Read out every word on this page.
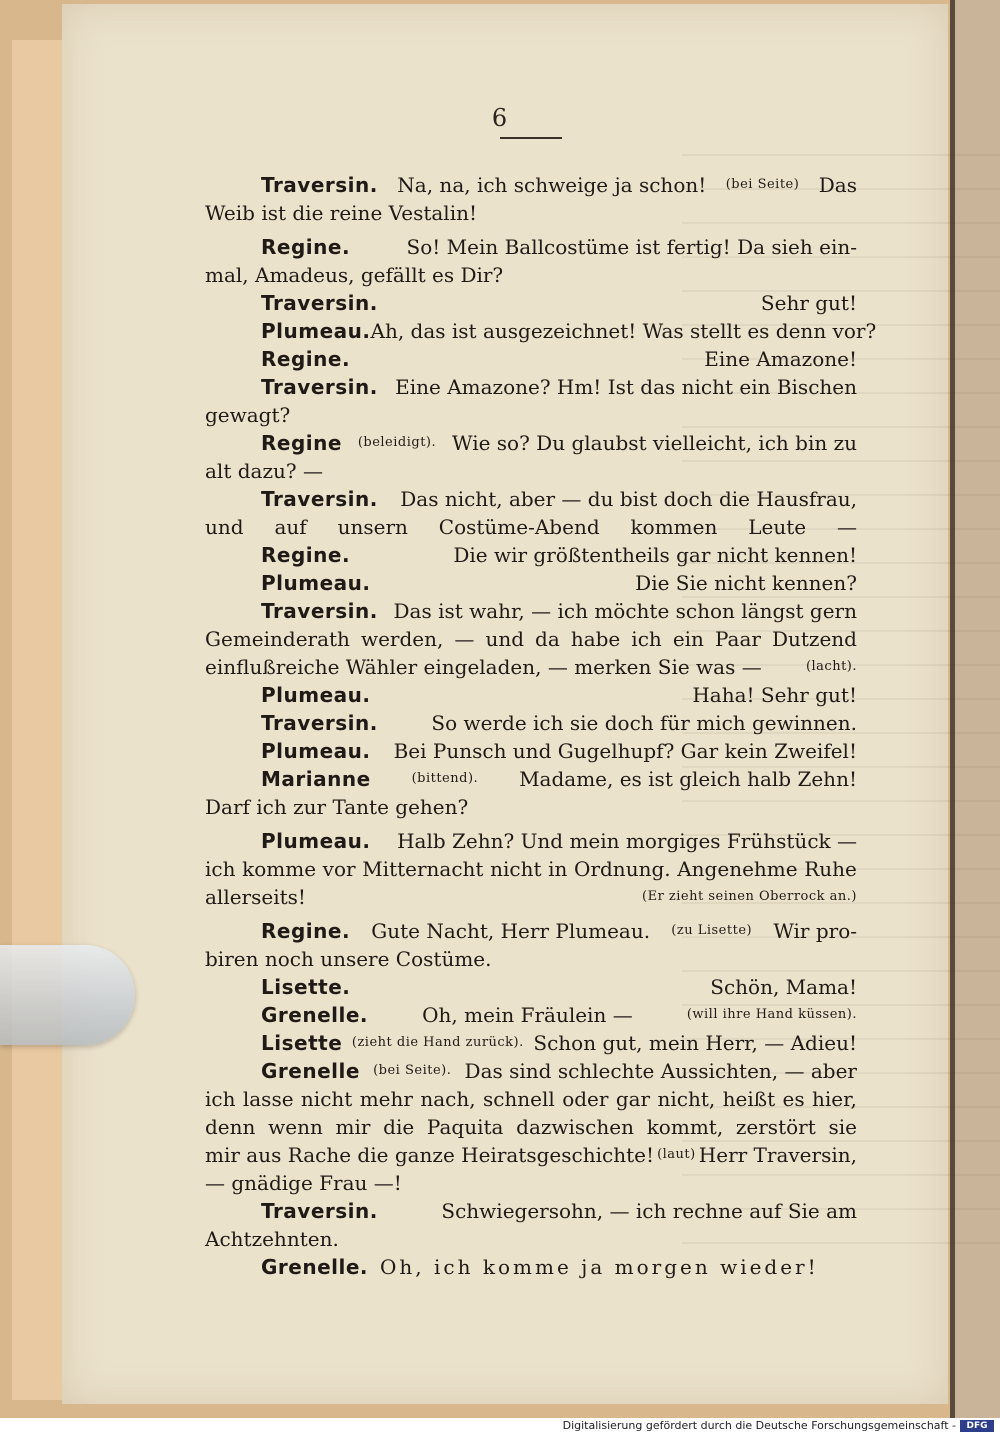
6
Traversin. Na, na, ich schweige ja schon! (bei Seite) Das
Weib ist die reine Vestalin!
Regine.	So! Mein Ballcostüme ist fertig! Da sieh ein-
mal, Amadeus, gefällt es Dir?
Traversin.	Sehr gut!
Plumeau. Ah, das ist ausgezeichnet! Was stellt es denn vor?
Regine.	Eine Amazone!
Traversin. Eine Amazone? Hm! Ist das nicht ein Bischen
gewagt?
Regine (beleidigt). Wie so? Du glaubst vielleicht, ich bin zu
alt dazu? —
Traversin. Das nicht, aber — du bist doch die Hausfrau,
und auf unsern Costüme-Abend kommen Leute —
Regine.	Die wir größtentheils gar nicht kennen!
Plumeau.	Die Sie nicht kennen?
Traversin. Das ist wahr, — ich möchte schon längst gern
Gemeinderath werden, — und da habe ich ein Paar Dutzend
einflußreiche Wähler eingeladen, — merken Sie was —	(lacht).
Plumeau.	Haha! Sehr gut!
Traversin.	So werde ich sie doch für mich gewinnen.
Plumeau. Bei Punsch und Gugelhupf? Gar kein Zweifel!
Marianne	(bittend). Madame, es ist gleich halb Zehn!
Darf ich zur Tante gehen?
Plumeau. Halb Zehn? Und mein morgiges Frühstück —
ich komme vor Mitternacht nicht in Ordnung. Angenehme Ruhe
allerseits!	(Er zieht seinen Oberrock an.)
Regine. Gute Nacht, Herr Plumeau. (zu Lisette) Wir pro-
biren noch unsere Costüme.
Lisette.	Schön, Mama!
Grenelle.	Oh, mein Fräulein —	(will ihre Hand küssen).
Lisette (zieht die Hand zurück). Schon gut, mein Herr, — Adieu!
Grenelle (bei Seite). Das sind schlechte Aussichten, — aber
ich lasse nicht mehr nach, schnell oder gar nicht, heißt es hier,
denn wenn mir die Paquita dazwischen kommt, zerstört sie
mir aus Rache die ganze Heiratsgeschichte! (laut) Herr Traversin,
— gnädige Frau —!
Traversin.	Schwiegersohn, — ich rechne auf Sie am
Achtzehnten.
Grenelle. Oh, ich komme ja morgen wieder!
Digitalisierung gefördert durch die Deutsche Forschungsgemeinschaft -	DFG
